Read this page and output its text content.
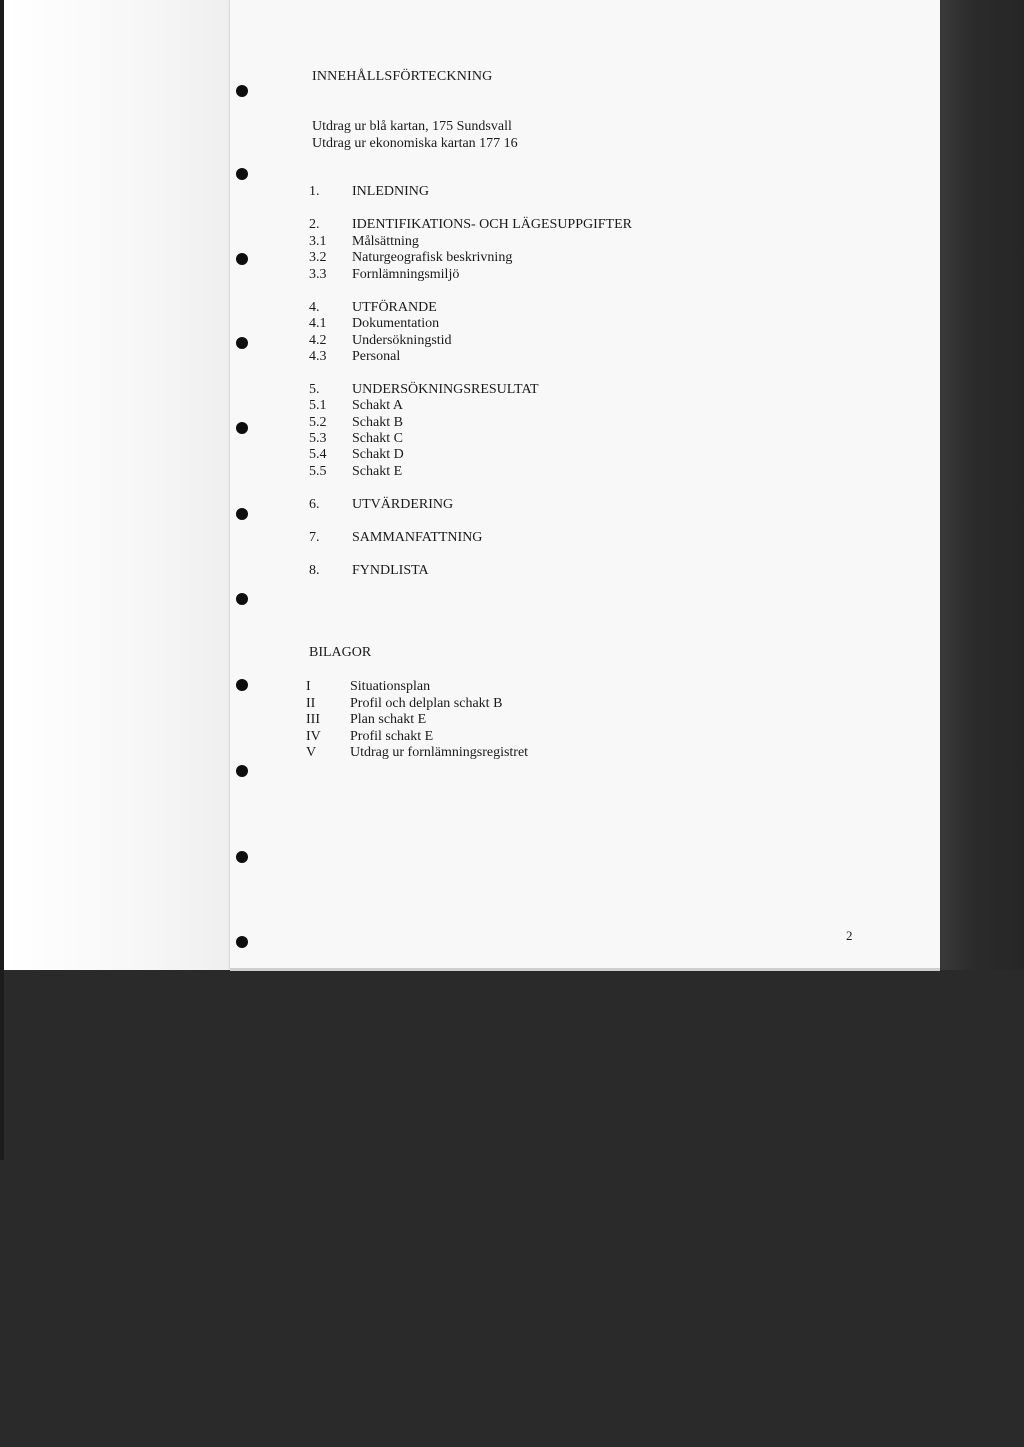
INNEHÅLLSFÖRTECKNING
Utdrag ur blå kartan, 175 Sundsvall
Utdrag ur ekonomiska kartan 177 16
1. INLEDNING
2. IDENTIFIKATIONS- OCH LÄGESUPPGIFTER
3.1 Målsättning
3.2 Naturgeografisk beskrivning
3.3 Fornlämningsmiljö
4. UTFÖRANDE
4.1 Dokumentation
4.2 Undersökningstid
4.3 Personal
5. UNDERSÖKNINGSRESULTAT
5.1 Schakt A
5.2 Schakt B
5.3 Schakt C
5.4 Schakt D
5.5 Schakt E
6. UTVÄRDERING
7. SAMMANFATTNING
8. FYNDLISTA
BILAGOR
I	Situationsplan
II Profil och delplan schakt B
III Plan schakt E
IV Profil schakt E
V Utdrag ur fornlämningsregistret
2
